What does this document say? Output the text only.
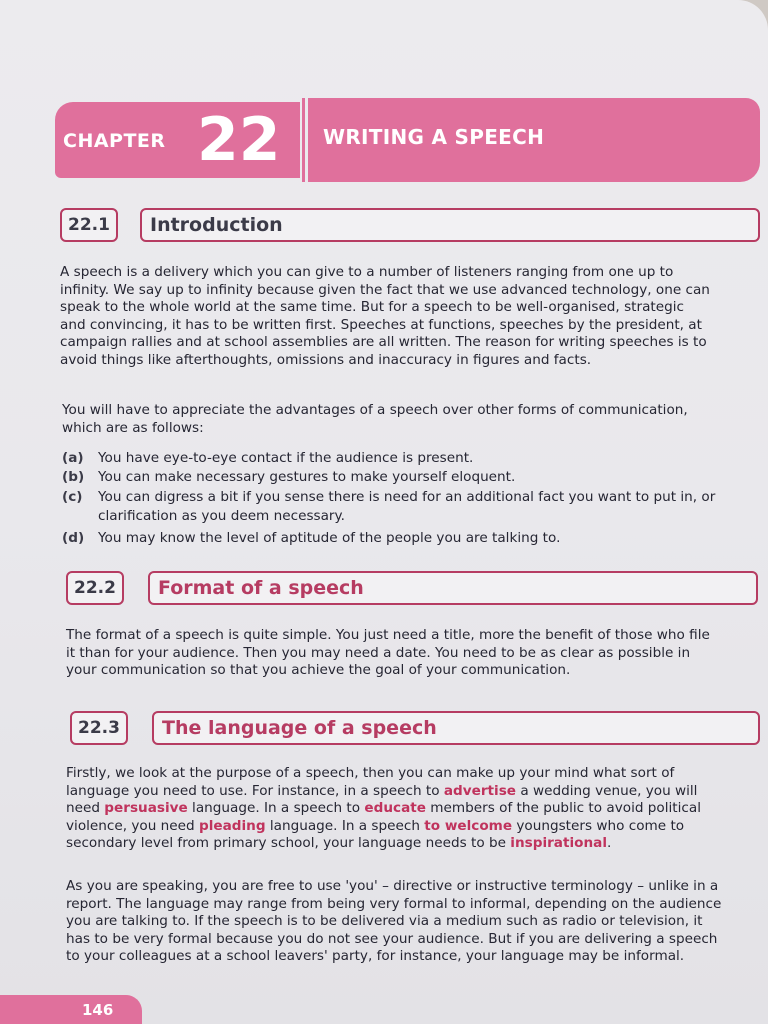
CHAPTER 22 WRITING A SPEECH
22.1	Introduction
A speech is a delivery which you can give to a number of listeners ranging from one up to
infinity. We say up to infinity because given the fact that we use advanced technology, one can
speak to the whole world at the same time. But for a speech to be well-organised, strategic
and convincing, it has to be written first. Speeches at functions, speeches by the president, at
campaign rallies and at school assemblies are all written. The reason for writing speeches is to
avoid things like afterthoughts, omissions and inaccuracy in figures and facts.
You will have to appreciate the advantages of a speech over other forms of communication,
which are as follows:
(a) You have eye-to-eye contact if the audience is present.
(b) You can make necessary gestures to make yourself eloquent.
(c) You can digress a bit if you sense there is need for an additional fact you want to put in, or
clarification as you deem necessary.
(d) You may know the level of aptitude of the people you are talking to.
22.2	Format of a speech
The format of a speech is quite simple. You just need a title, more the benefit of those who file
it than for your audience. Then you may need a date. You need to be as clear as possible in
your communication so that you achieve the goal of your communication.
22.3	The language of a speech
Firstly, we look at the purpose of a speech, then you can make up your mind what sort of
language you need to use. For instance, in a speech to advertise a wedding venue, you will
need persuasive language. In a speech to educate members of the public to avoid political
violence, you need pleading language. In a speech to welcome youngsters who come to
secondary level from primary school, your language needs to be inspirational.
As you are speaking, you are free to use 'you' – directive or instructive terminology – unlike in a
report. The language may range from being very formal to informal, depending on the audience
you are talking to. If the speech is to be delivered via a medium such as radio or television, it
has to be very formal because you do not see your audience. But if you are delivering a speech
to your colleagues at a school leavers' party, for instance, your language may be informal.
146
